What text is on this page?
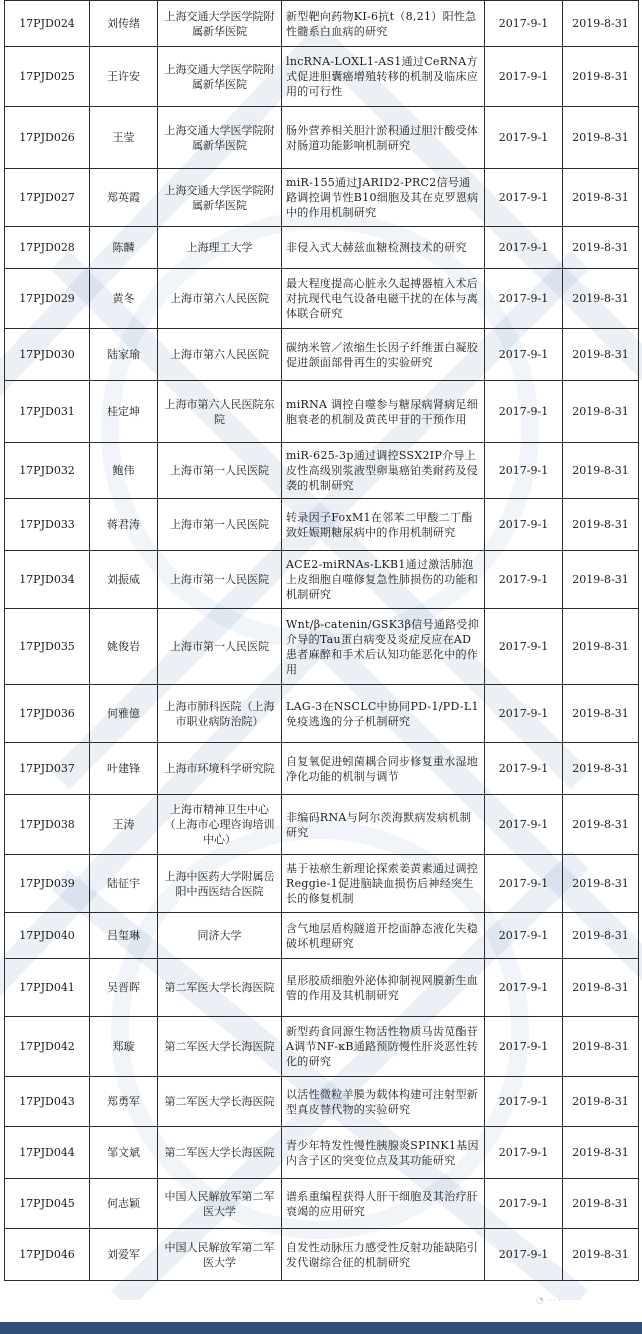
17PJD024	刘传绪	上海交通大学医学院附属新华医院	新型靶向药物KI-6抗t（8,21）阳性急性髓系白血病的研究	2017-9-1	2019-8-31
17PJD025	王许安	上海交通大学医学院附属新华医院	lncRNA-LOXL1-AS1通过CeRNA方式促进胆囊癌增殖转移的机制及临床应用的可行性	2017-9-1	2019-8-31
17PJD026	王莹	上海交通大学医学院附属新华医院	肠外营养相关胆汁淤积通过胆汁酸受体对肠道功能影响机制研究	2017-9-1	2019-8-31
17PJD027	郑英霞	上海交通大学医学院附属新华医院	miR-155通过JARID2-PRC2信号通路调控调节性B10细胞及其在克罗恩病中的作用机制研究	2017-9-1	2019-8-31
17PJD028	陈麟	上海理工大学	非侵入式大赫兹血糖检测技术的研究	2017-9-1	2019-8-31
17PJD029	黄冬	上海市第六人民医院	最大程度提高心脏永久起搏器植入术后对抗现代电气设备电磁干扰的在体与离体联合研究	2017-9-1	2019-8-31
17PJD030	陆家瑜	上海市第六人民医院	碳纳米管／浓缩生长因子纤维蛋白凝胶促进颌面部骨再生的实验研究	2017-9-1	2019-8-31
17PJD031	桂定坤	上海市第六人民医院东院	miRNA 调控自噬参与糖尿病肾病足细胞衰老的机制及黄芪甲苷的干预作用	2017-9-1	2019-8-31
17PJD032	鲍伟	上海市第一人民医院	miR-625-3p通过调控SSX2IP介导上皮性高级别浆液型卵巢癌铂类耐药及侵袭的机制研究	2017-9-1	2019-8-31
17PJD033	蒋君涛	上海市第一人民医院	转录因子FoxM1在邻苯二甲酸二丁酯致妊娠期糖尿病中的作用机制研究	2017-9-1	2019-8-31
17PJD034	刘振威	上海市第一人民医院	ACE2-miRNAs-LKB1通过激活肺泡上皮细胞自噬修复急性肺损伤的功能和机制研究	2017-9-1	2019-8-31
17PJD035	姚俊岩	上海市第一人民医院	Wnt/β-catenin/GSK3β信号通路受抑介导的Tau蛋白病变及炎症反应在AD患者麻醉和手术后认知功能恶化中的作用	2017-9-1	2019-8-31
17PJD036	何雅億	上海市肺科医院（上海市职业病防治院）	LAG-3在NSCLC中协同PD-1/PD-L1免疫逃逸的分子机制研究	2017-9-1	2019-8-31
17PJD037	叶建锋	上海市环境科学研究院	自复氧促进蚓菌耦合同步修复重水湿地净化功能的机制与调节	2017-9-1	2019-8-31
17PJD038	王涛	上海市精神卫生中心（上海市心理咨询培训中心）	非编码RNA与阿尔茨海默病发病机制研究	2017-9-1	2019-8-31
17PJD039	陆征宇	上海中医药大学附属岳阳中西医结合医院	基于祛瘀生新理论探索姜黄素通过调控Reggie-1促进脑缺血损伤后神经突生长的修复机制	2017-9-1	2019-8-31
17PJD040	吕玺琳	同济大学	含气地层盾构隧道开挖面静态液化失稳破坏机理研究	2017-9-1	2019-8-31
17PJD041	吴晋晖	第二军医大学长海医院	星形胶质细胞外泌体抑制视网膜新生血管的作用及其机制研究	2017-9-1	2019-8-31
17PJD042	郑璇	第二军医大学长海医院	新型药食同源生物活性物质马齿苋酯苷A调节NF-κB通路预防慢性肝炎恶性转化的研究	2017-9-1	2019-8-31
17PJD043	郑勇军	第二军医大学长海医院	以活性微粒羊膜为载体构建可注射型新型真皮替代物的实验研究	2017-9-1	2019-8-31
17PJD044	邹文斌	第二军医大学长海医院	青少年特发性慢性胰腺炎SPINK1基因内含子区的突变位点及其功能研究	2017-9-1	2019-8-31
17PJD045	何志颖	中国人民解放军第二军医大学	谱系重编程获得人肝干细胞及其治疗肝衰竭的应用研究	2017-9-1	2019-8-31
17PJD046	刘爱军	中国人民解放军第二军医大学	自发性动脉压力感受性反射功能缺陷引发代谢综合征的机制研究	2017-9-1	2019-8-31
◔ ··· ·
